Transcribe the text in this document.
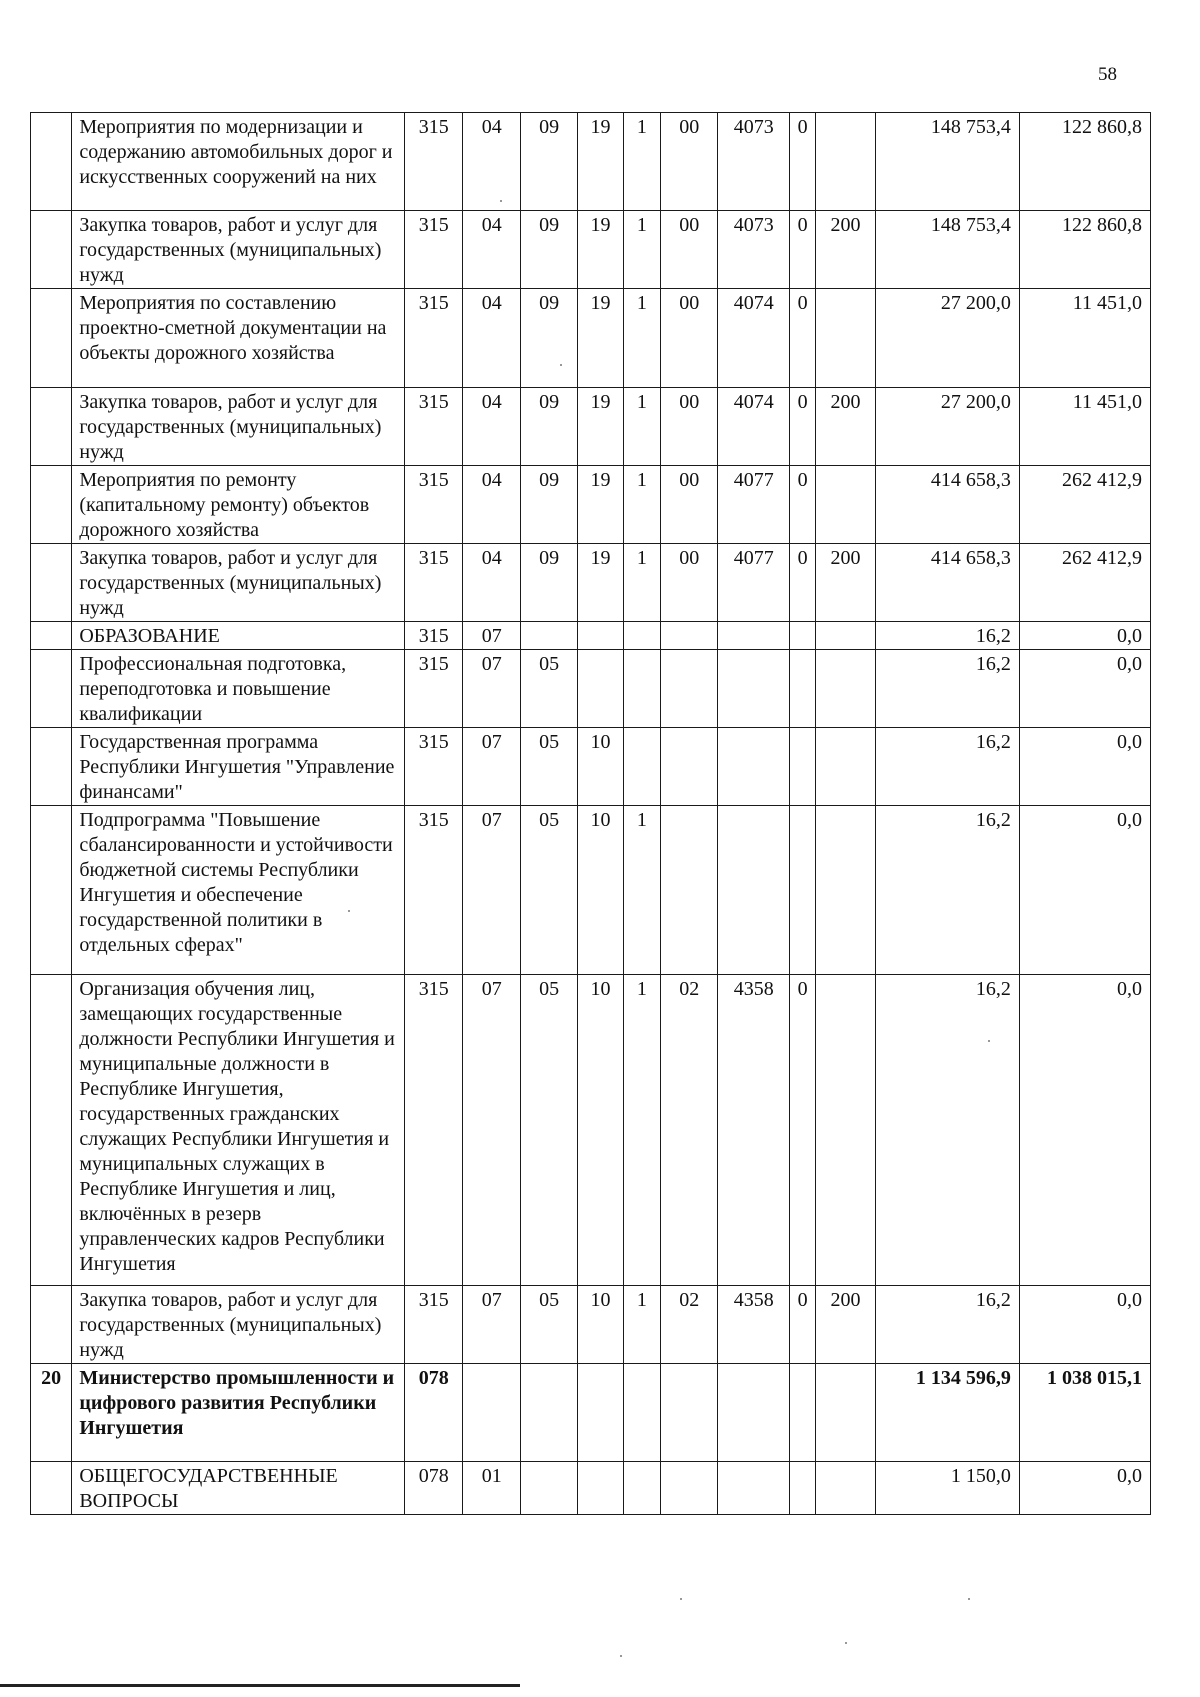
58
	Мероприятия по модернизации и содержанию автомобильных дорог и искусственных сооружений на них	315	04	09	19	1	00	4073	0		148 753,4	122 860,8
	Закупка товаров, работ и услуг для государственных (муниципальных) нужд	315	04	09	19	1	00	4073	0	200	148 753,4	122 860,8
	Мероприятия по составлению проектно-сметной документации на объекты дорожного хозяйства	315	04	09	19	1	00	4074	0		27 200,0	11 451,0
	Закупка товаров, работ и услуг для государственных (муниципальных) нужд	315	04	09	19	1	00	4074	0	200	27 200,0	11 451,0
	Мероприятия по ремонту (капитальному ремонту) объектов дорожного хозяйства	315	04	09	19	1	00	4077	0		414 658,3	262 412,9
	Закупка товаров, работ и услуг для государственных (муниципальных) нужд	315	04	09	19	1	00	4077	0	200	414 658,3	262 412,9
	ОБРАЗОВАНИЕ	315	07								16,2	0,0
	Профессиональная подготовка, переподготовка и повышение квалификации	315	07	05							16,2	0,0
	Государственная программа Республики Ингушетия "Управление финансами"	315	07	05	10						16,2	0,0
	Подпрограмма "Повышение сбалансированности и устойчивости бюджетной системы Республики Ингушетия и обеспечение государственной политики в отдельных сферах"	315	07	05	10	1					16,2	0,0
	Организация обучения лиц, замещающих государственные должности Республики Ингушетия и муниципальные должности в Республике Ингушетия, государственных гражданских служащих Республики Ингушетия и муниципальных служащих в Республике Ингушетия и лиц, включённых в резерв управленческих кадров Республики Ингушетия	315	07	05	10	1	02	4358	0		16,2	0,0
	Закупка товаров, работ и услуг для государственных (муниципальных) нужд	315	07	05	10	1	02	4358	0	200	16,2	0,0
20	Министерство промышленности и цифрового развития Республики Ингушетия	078									1 134 596,9	1 038 015,1
	ОБЩЕГОСУДАРСТВЕННЫЕ ВОПРОСЫ	078	01								1 150,0	0,0
